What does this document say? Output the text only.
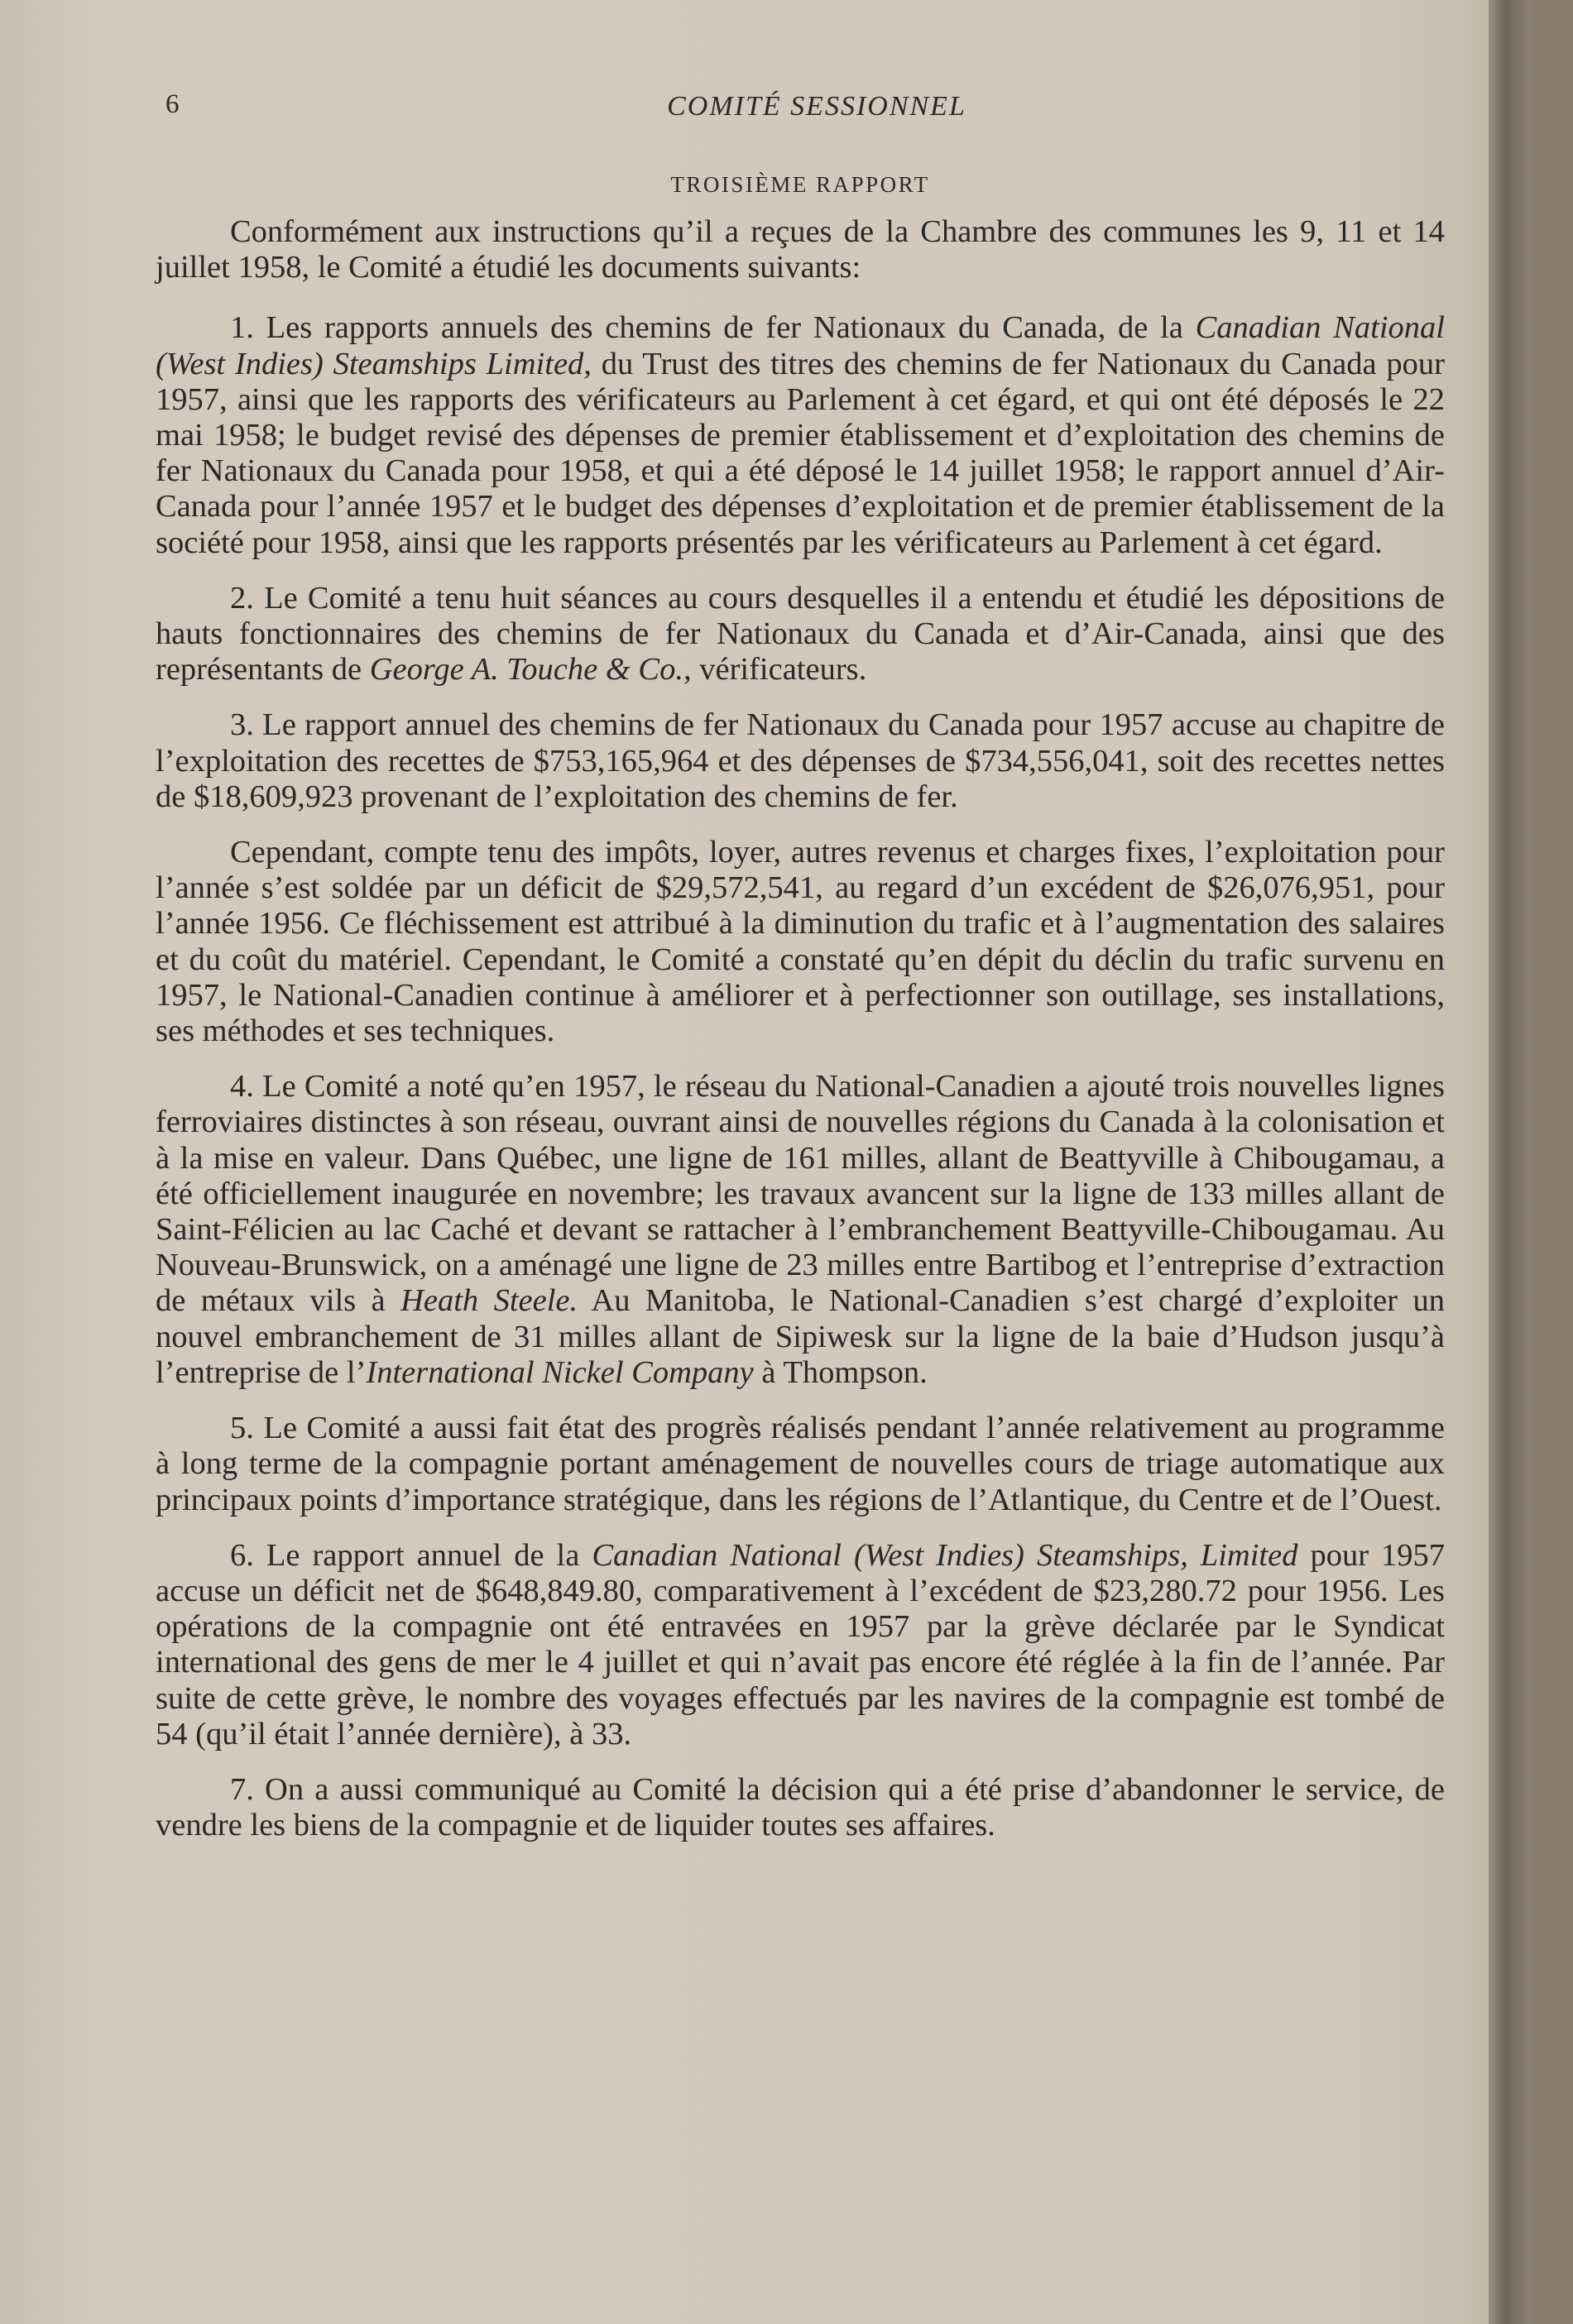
6	COMITÉ SESSIONNEL
TROISIÈME RAPPORT

Conformément aux instructions qu’il a reçues de la Chambre des communes les 9, 11 et 14 juillet 1958, le Comité a étudié les documents suivants:

1. Les rapports annuels des chemins de fer Nationaux du Canada, de la Canadian National (West Indies) Steamships Limited, du Trust des titres des chemins de fer Nationaux du Canada pour 1957, ainsi que les rapports des vérificateurs au Parlement à cet égard, et qui ont été déposés le 22 mai 1958; le budget revisé des dépenses de premier établissement et d’exploitation des chemins de fer Nationaux du Canada pour 1958, et qui a été déposé le 14 juillet 1958; le rapport annuel d’Air-Canada pour l’année 1957 et le budget des dépenses d’exploitation et de premier établissement de la société pour 1958, ainsi que les rapports présentés par les vérificateurs au Parlement à cet égard.

2. Le Comité a tenu huit séances au cours desquelles il a entendu et étudié les dépositions de hauts fonctionnaires des chemins de fer Nationaux du Canada et d’Air-Canada, ainsi que des représentants de George A. Touche & Co., vérificateurs.

3. Le rapport annuel des chemins de fer Nationaux du Canada pour 1957 accuse au chapitre de l’exploitation des recettes de $753,165,964 et des dépenses de $734,556,041, soit des recettes nettes de $18,609,923 provenant de l’exploitation des chemins de fer.

Cependant, compte tenu des impôts, loyer, autres revenus et charges fixes, l’exploitation pour l’année s’est soldée par un déficit de $29,572,541, au regard d’un excédent de $26,076,951, pour l’année 1956. Ce fléchissement est attribué à la diminution du trafic et à l’augmentation des salaires et du coût du matériel. Cependant, le Comité a constaté qu’en dépit du déclin du trafic survenu en 1957, le National-Canadien continue à améliorer et à perfectionner son outillage, ses installations, ses méthodes et ses techniques.

4. Le Comité a noté qu’en 1957, le réseau du National-Canadien a ajouté trois nouvelles lignes ferroviaires distinctes à son réseau, ouvrant ainsi de nouvelles régions du Canada à la colonisation et à la mise en valeur. Dans Québec, une ligne de 161 milles, allant de Beattyville à Chibougamau, a été officiellement inaugurée en novembre; les travaux avancent sur la ligne de 133 milles allant de Saint-Félicien au lac Caché et devant se rattacher à l’embranchement Beattyville-Chibougamau. Au Nouveau-Brunswick, on a aménagé une ligne de 23 milles entre Bartibog et l’entreprise d’extraction de métaux vils à Heath Steele. Au Manitoba, le National-Canadien s’est chargé d’exploiter un nouvel embranchement de 31 milles allant de Sipiwesk sur la ligne de la baie d’Hudson jusqu’à l’entreprise de l’International Nickel Company à Thompson.

5. Le Comité a aussi fait état des progrès réalisés pendant l’année relativement au programme à long terme de la compagnie portant aménagement de nouvelles cours de triage automatique aux principaux points d’importance stratégique, dans les régions de l’Atlantique, du Centre et de l’Ouest.

6. Le rapport annuel de la Canadian National (West Indies) Steamships, Limited pour 1957 accuse un déficit net de $648,849.80, comparativement à l’excédent de $23,280.72 pour 1956. Les opérations de la compagnie ont été entravées en 1957 par la grève déclarée par le Syndicat international des gens de mer le 4 juillet et qui n’avait pas encore été réglée à la fin de l’année. Par suite de cette grève, le nombre des voyages effectués par les navires de la compagnie est tombé de 54 (qu’il était l’année dernière), à 33.

7. On a aussi communiqué au Comité la décision qui a été prise d’abandonner le service, de vendre les biens de la compagnie et de liquider toutes ses affaires.
